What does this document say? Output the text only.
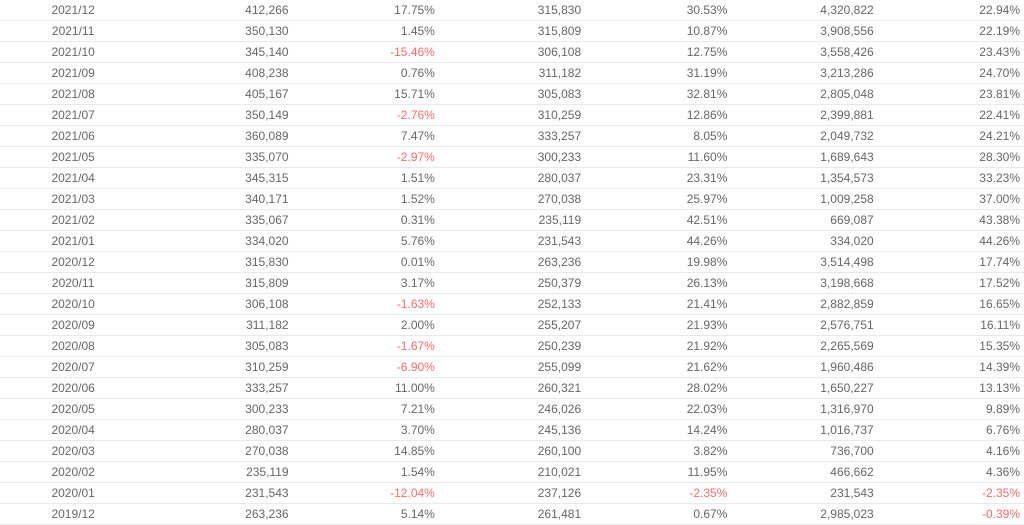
2021/12	412,266	17.75%	315,830	30.53%	4,320,822	22.94%
2021/11	350,130	1.45%	315,809	10.87%	3,908,556	22.19%
2021/10	345,140	-15.46%	306,108	12.75%	3,558,426	23.43%
2021/09	408,238	0.76%	311,182	31.19%	3,213,286	24.70%
2021/08	405,167	15.71%	305,083	32.81%	2,805,048	23.81%
2021/07	350,149	-2.76%	310,259	12.86%	2,399,881	22.41%
2021/06	360,089	7.47%	333,257	8.05%	2,049,732	24.21%
2021/05	335,070	-2.97%	300,233	11.60%	1,689,643	28.30%
2021/04	345,315	1.51%	280,037	23.31%	1,354,573	33.23%
2021/03	340,171	1.52%	270,038	25.97%	1,009,258	37.00%
2021/02	335,067	0.31%	235,119	42.51%	669,087	43.38%
2021/01	334,020	5.76%	231,543	44.26%	334,020	44.26%
2020/12	315,830	0.01%	263,236	19.98%	3,514,498	17.74%
2020/11	315,809	3.17%	250,379	26.13%	3,198,668	17.52%
2020/10	306,108	-1.63%	252,133	21.41%	2,882,859	16.65%
2020/09	311,182	2.00%	255,207	21.93%	2,576,751	16.11%
2020/08	305,083	-1.67%	250,239	21.92%	2,265,569	15.35%
2020/07	310,259	-6.90%	255,099	21.62%	1,960,486	14.39%
2020/06	333,257	11.00%	260,321	28.02%	1,650,227	13.13%
2020/05	300,233	7.21%	246,026	22.03%	1,316,970	9.89%
2020/04	280,037	3.70%	245,136	14.24%	1,016,737	6.76%
2020/03	270,038	14.85%	260,100	3.82%	736,700	4.16%
2020/02	235,119	1.54%	210,021	11.95%	466,662	4.36%
2020/01	231,543	-12.04%	237,126	-2.35%	231,543	-2.35%
2019/12	263,236	5.14%	261,481	0.67%	2,985,023	-0.39%
